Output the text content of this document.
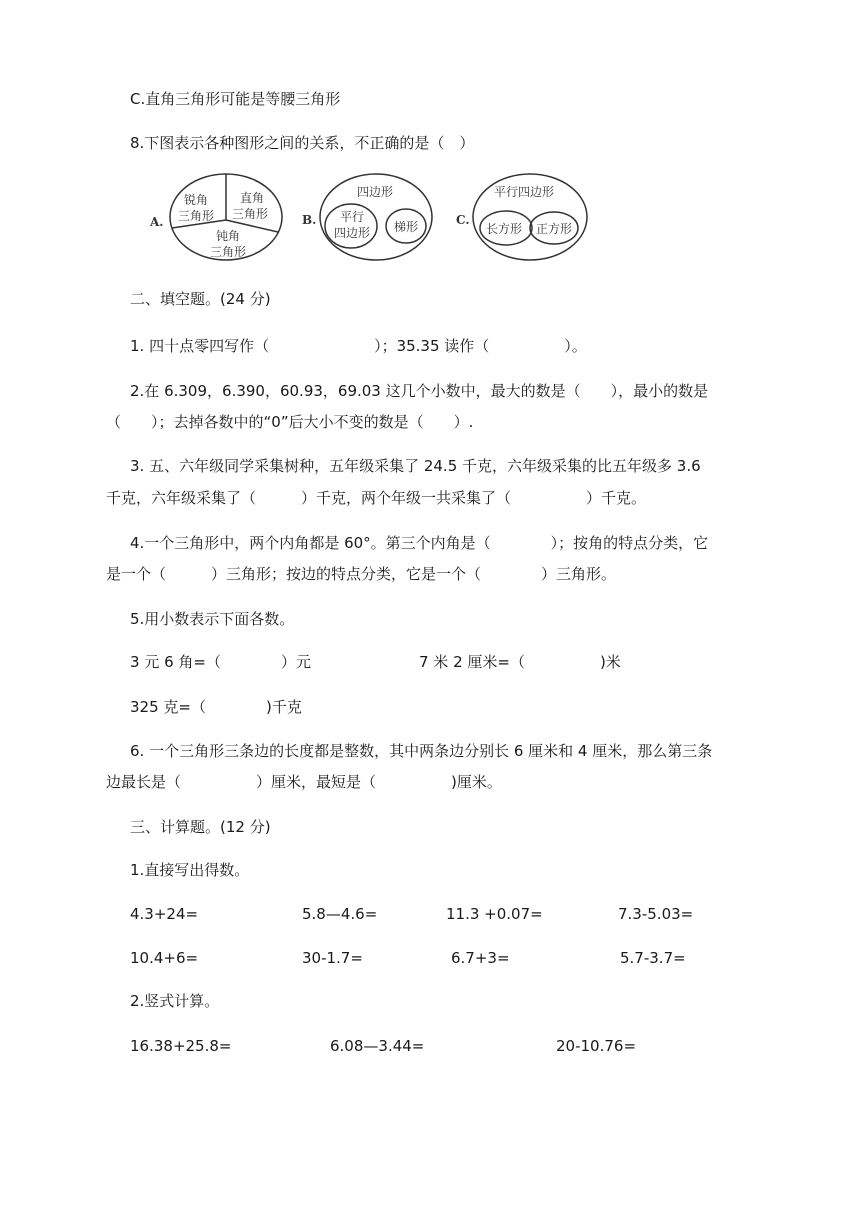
C.直角三角形可能是等腰三角形
8.下图表示各种图形之间的关系，不正确的是（　）
A.
锐角
三角形
直角
三角形
钝角
三角形
B.
四边形
平行
四边形 梯形	C.
平行四边形
长方形 正方形
二、填空题。(24 分)
1. 四十点零四写作（　　　　　　　）；35.35 读作（　　　　　）。
2.在 6.309，6.390，60.93，69.03 这几个小数中，最大的数是（　　），最小的数是
（　　）；去掉各数中的“0”后大小不变的数是（　　）.
3. 五、六年级同学采集树种，五年级采集了 24.5 千克，六年级采集的比五年级多 3.6
千克，六年级采集了（　　　）千克，两个年级一共采集了（　　　　　）千克。
4.一个三角形中，两个内角都是 60°。第三个内角是（　　　　）；按角的特点分类，它
是一个（　　　）三角形；按边的特点分类，它是一个（　　　　）三角形。
5.用小数表示下面各数。
3 元 6 角=（　　　　）元	7 米 2 厘米=（　　　　　)米
325 克=（　　　　)千克
6. 一个三角形三条边的长度都是整数，其中两条边分别长 6 厘米和 4 厘米，那么第三条
边最长是（　　　　　）厘米，最短是（　　　　　)厘米。
三、计算题。(12 分)
1.直接写出得数。
4.3+24=	5.8—4.6=	11.3 +0.07=	7.3-5.03=
10.4+6=	30-1.7=	6.7+3=	5.7-3.7=
2.竖式计算。
16.38+25.8=	6.08—3.44=	20-10.76=
